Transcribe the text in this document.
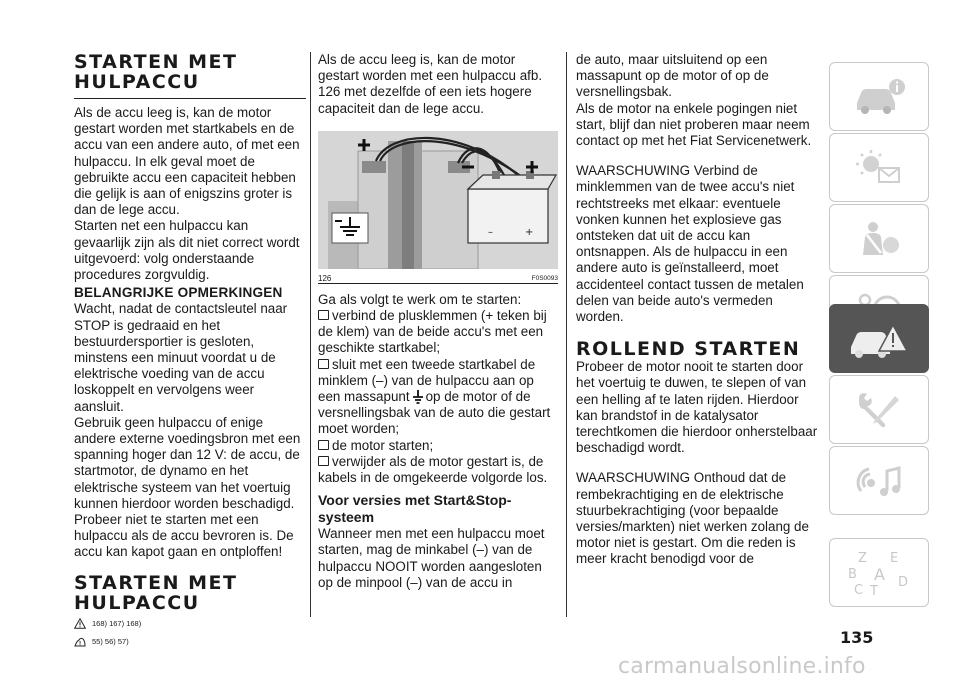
STARTEN MET
HULPACCU

Als de accu leeg is, kan de motor gestart worden met startkabels en de accu van een andere auto, of met een hulpaccu. In elk geval moet de gebruikte accu een capaciteit hebben die gelijk is aan of enigszins groter is dan de lege accu.

Starten net een hulpaccu kan gevaarlijk zijn als dit niet correct wordt uitgevoerd: volg onderstaande procedures zorgvuldig.

BELANGRIJKE OPMERKINGEN

Wacht, nadat de contactsleutel naar STOP is gedraaid en het bestuurdersportier is gesloten, minstens een minuut voordat u de elektrische voeding van de accu loskoppelt en vervolgens weer aansluit.

Gebruik geen hulpaccu of enige andere externe voedingsbron met een spanning hoger dan 12 V: de accu, de startmotor, de dynamo en het elektrische systeem van het voertuig kunnen hierdoor worden beschadigd.

Probeer niet te starten met een hulpaccu als de accu bevroren is. De accu kan kapot gaan en ontploffen!

STARTEN MET
HULPACCU
168) 167) 168)
55) 56) 57)

Als de accu leeg is, kan de motor gestart worden met een hulpaccu afb. 126 met dezelfde of een iets hogere capaciteit dan de lege accu.

–	+
126	F0S0093

Ga als volgt te werk om te starten:

verbind de plusklemmen (+ teken bij de klem) van de beide accu's met een geschikte startkabel;

sluit met een tweede startkabel de minklem (–) van de hulpaccu aan op een massapunt op de motor of de versnellingsbak van de auto die gestart moet worden;

de motor starten;

verwijder als de motor gestart is, de kabels in de omgekeerde volgorde los.

Voor versies met Start&Stop-
systeem

Wanneer men met een hulpaccu moet starten, mag de minkabel (–) van de hulpaccu NOOIT worden aangesloten op de minpool (–) van de accu in

de auto, maar uitsluitend op een massapunt op de motor of op de versnellingsbak.

Als de motor na enkele pogingen niet start, blijf dan niet proberen maar neem contact op met het Fiat Servicenetwerk.

WAARSCHUWING Verbind de minklemmen van de twee accu's niet rechtstreeks met elkaar: eventuele vonken kunnen het explosieve gas ontsteken dat uit de accu kan ontsnappen. Als de hulpaccu in een andere auto is geïnstalleerd, moet accidenteel contact tussen de metalen delen van beide auto's vermeden worden.

ROLLEND STARTEN

Probeer de motor nooit te starten door het voertuig te duwen, te slepen of van een helling af te laten rijden. Hierdoor kan brandstof in de katalysator terechtkomen die hierdoor onherstelbaar beschadigd wordt.

WAARSCHUWING Onthoud dat de rembekrachtiging en de elektrische stuurbekrachtiging (voor bepaalde versies/markten) niet werken zolang de motor niet is gestart. Om die reden is meer kracht benodigd voor de	Z E
B A
C T
D
135
carmanualsonline.info
